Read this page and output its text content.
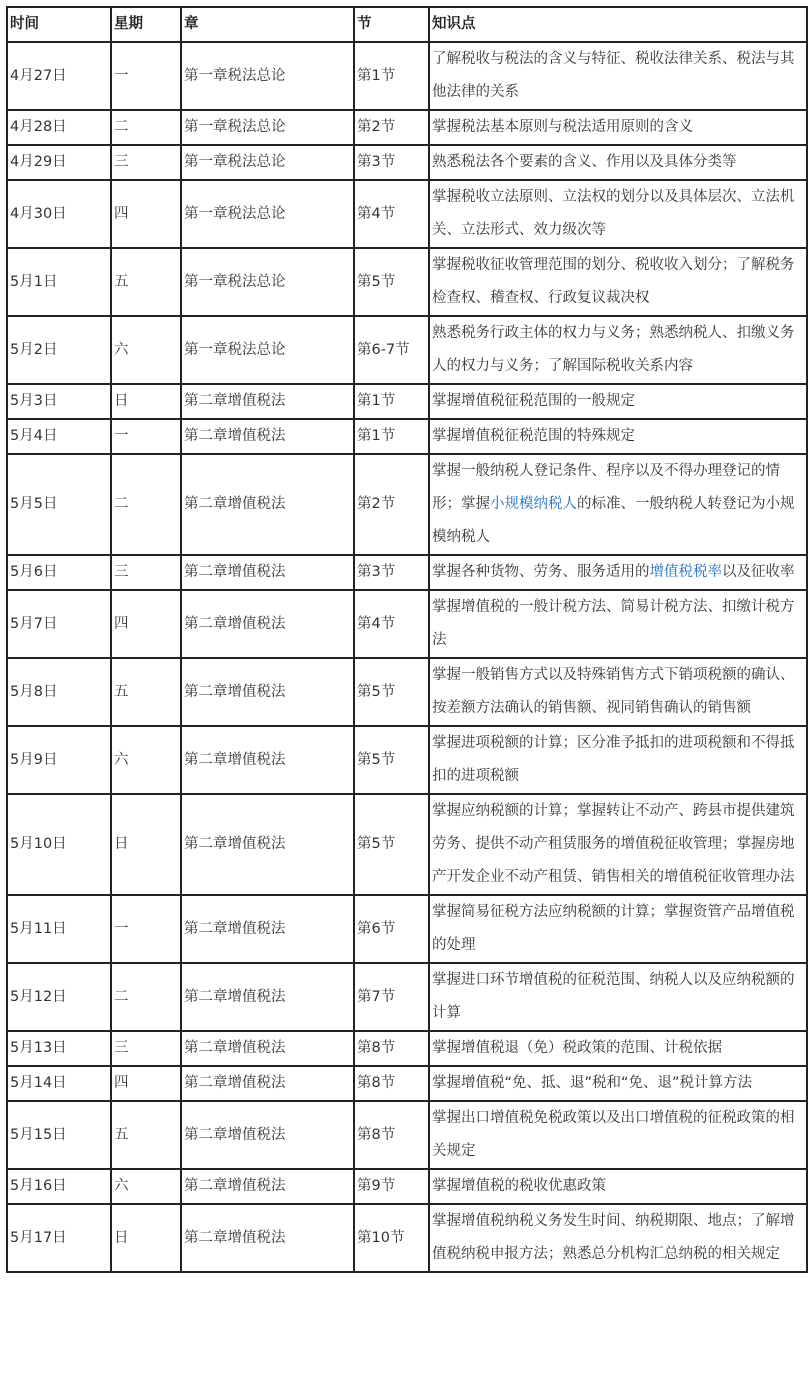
时间	星期	章	节	知识点
4月27日	一	第一章税法总论	第1节	了解税收与税法的含义与特征、税收法律关系、税法与其他法律的关系
4月28日	二	第一章税法总论	第2节	掌握税法基本原则与税法适用原则的含义
4月29日	三	第一章税法总论	第3节	熟悉税法各个要素的含义、作用以及具体分类等
4月30日	四	第一章税法总论	第4节	掌握税收立法原则、立法权的划分以及具体层次、立法机关、立法形式、效力级次等
5月1日	五	第一章税法总论	第5节	掌握税收征收管理范围的划分、税收收入划分；了解税务检查权、稽查权、行政复议裁决权
5月2日	六	第一章税法总论	第6-7节	熟悉税务行政主体的权力与义务；熟悉纳税人、扣缴义务人的权力与义务；了解国际税收关系内容
5月3日	日	第二章增值税法	第1节	掌握增值税征税范围的一般规定
5月4日	一	第二章增值税法	第1节	掌握增值税征税范围的特殊规定
5月5日	二	第二章增值税法	第2节	掌握一般纳税人登记条件、程序以及不得办理登记的情形；掌握小规模纳税人的标准、一般纳税人转登记为小规模纳税人
5月6日	三	第二章增值税法	第3节	掌握各种货物、劳务、服务适用的增值税税率以及征收率
5月7日	四	第二章增值税法	第4节	掌握增值税的一般计税方法、简易计税方法、扣缴计税方法
5月8日	五	第二章增值税法	第5节	掌握一般销售方式以及特殊销售方式下销项税额的确认、按差额方法确认的销售额、视同销售确认的销售额
5月9日	六	第二章增值税法	第5节	掌握进项税额的计算；区分准予抵扣的进项税额和不得抵扣的进项税额
5月10日	日	第二章增值税法	第5节	掌握应纳税额的计算；掌握转让不动产、跨县市提供建筑劳务、提供不动产租赁服务的增值税征收管理；掌握房地产开发企业不动产租赁、销售相关的增值税征收管理办法
5月11日	一	第二章增值税法	第6节	掌握简易征税方法应纳税额的计算；掌握资管产品增值税的处理
5月12日	二	第二章增值税法	第7节	掌握进口环节增值税的征税范围、纳税人以及应纳税额的计算
5月13日	三	第二章增值税法	第8节	掌握增值税退（免）税政策的范围、计税依据
5月14日	四	第二章增值税法	第8节	掌握增值税“免、抵、退”税和“免、退”税计算方法
5月15日	五	第二章增值税法	第8节	掌握出口增值税免税政策以及出口增值税的征税政策的相关规定
5月16日	六	第二章增值税法	第9节	掌握增值税的税收优惠政策
5月17日	日	第二章增值税法	第10节	掌握增值税纳税义务发生时间、纳税期限、地点；了解增值税纳税申报方法；熟悉总分机构汇总纳税的相关规定
